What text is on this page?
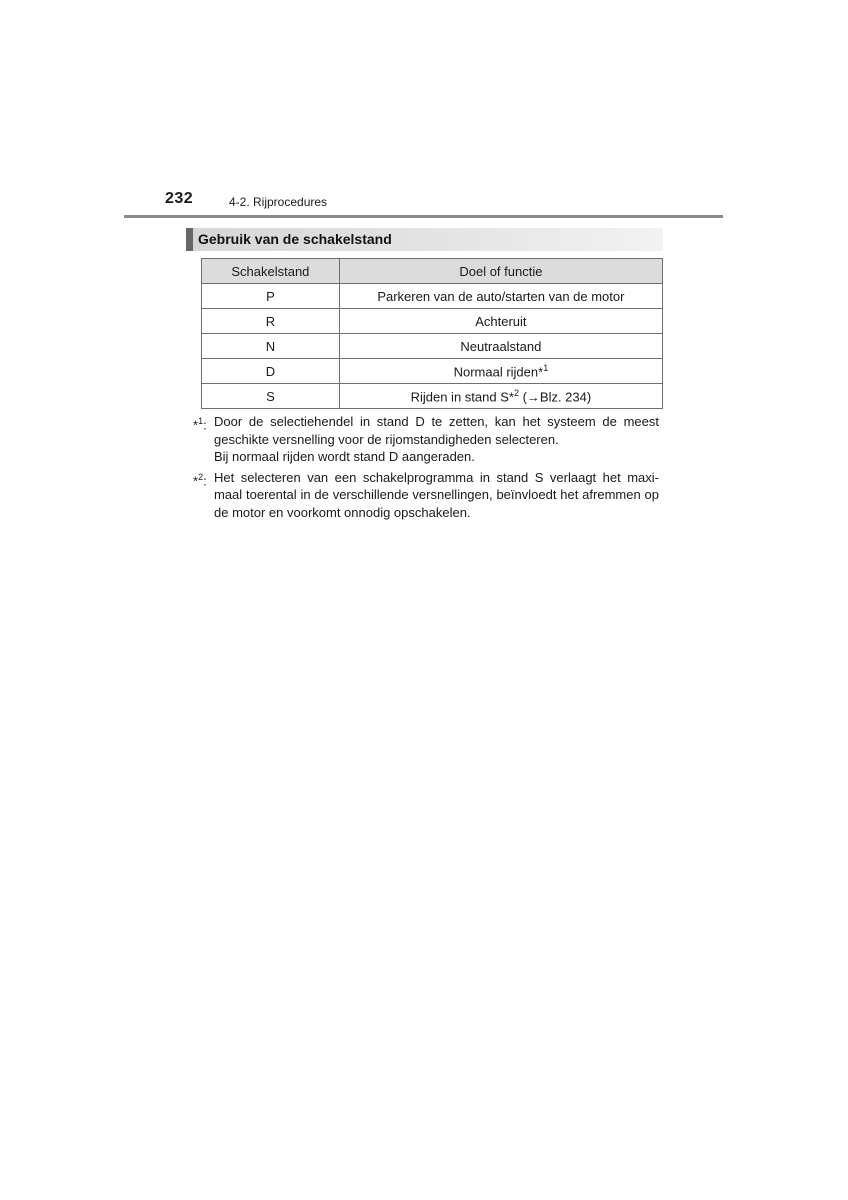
232	4-2. Rijprocedures
Gebruik van de schakelstand
Schakelstand	Doel of functie
P	Parkeren van de auto/starten van de motor
R	Achteruit
N	Neutraalstand
D	Normaal rijden*$^1$
S	Rijden in stand S*$^2$ (→Blz. 234)
*$^1$: Door de selectiehendel in stand D te zetten, kan het systeem de meest geschikte versnelling voor de rijomstandigheden selecteren.

Bij normaal rijden wordt stand D aangeraden.

*$^2$: Het selecteren van een schakelprogramma in stand S verlaagt het maxi- maal toerental in de verschillende versnellingen, beïnvloedt het afremmen op de motor en voorkomt onnodig opschakelen.
